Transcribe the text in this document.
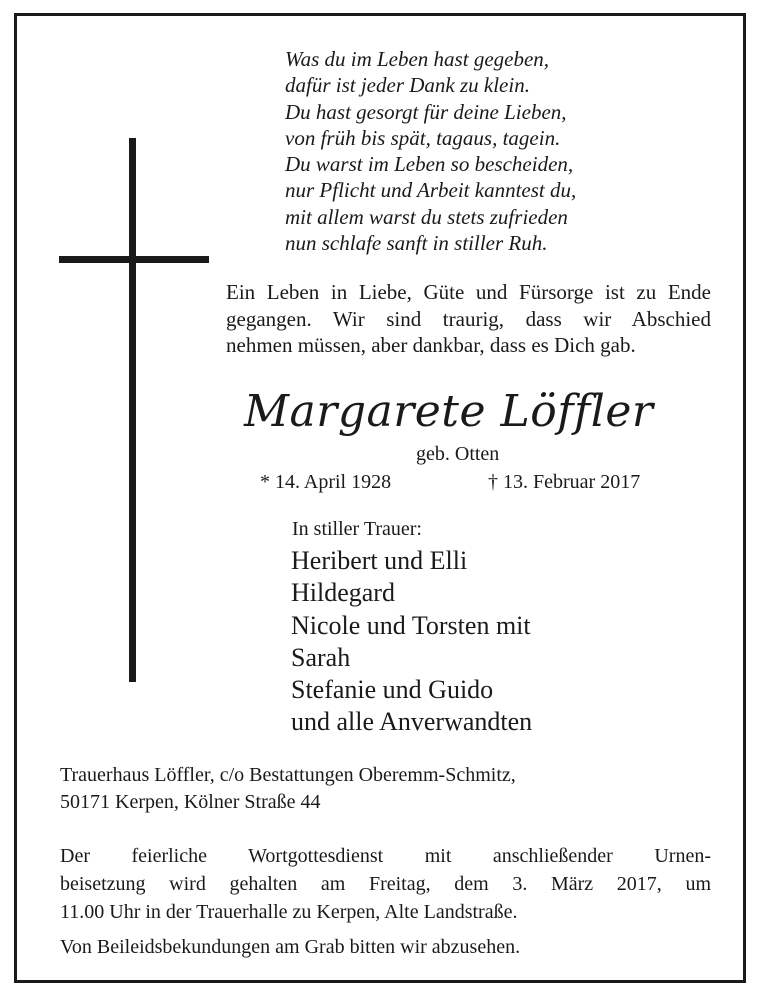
Was du im Leben hast gegeben,
dafür ist jeder Dank zu klein.
Du hast gesorgt für deine Lieben,
von früh bis spät, tagaus, tagein.
Du warst im Leben so bescheiden,
nur Pflicht und Arbeit kanntest du,
mit allem warst du stets zufrieden
nun schlafe sanft in stiller Ruh.
Ein Leben in Liebe, Güte und Fürsorge ist zu Ende
gegangen. Wir sind traurig, dass wir Abschied
nehmen müssen, aber dankbar, dass es Dich gab.
Margarete Löffler
geb. Otten
* 14. April 1928	† 13. Februar 2017
In stiller Trauer:
Heribert und Elli
Hildegard
Nicole und Torsten mit
Sarah
Stefanie und Guido
und alle Anverwandten
Trauerhaus Löffler, c/o Bestattungen Oberemm-Schmitz,
50171 Kerpen, Kölner Straße 44
Der feierliche Wortgottesdienst mit anschließender Urnen-
beisetzung wird gehalten am Freitag, dem 3. März 2017, um
11.00 Uhr in der Trauerhalle zu Kerpen, Alte Landstraße.
Von Beileidsbekundungen am Grab bitten wir abzusehen.
